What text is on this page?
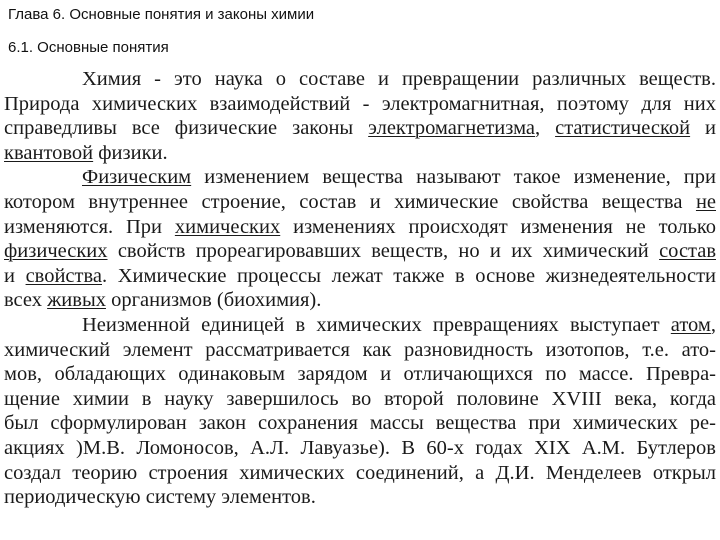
Глава 6. Основные понятия и законы химии
6.1. Основные понятия
Химия - это наука о составе и превращении различных веществ.
Природа химических взаимодействий - электромагнитная, поэтому для них
справедливы все физические законы электромагнетизма, статистической и
квантовой физики.
Физическим изменением вещества называют такое изменение, при
котором внутреннее строение, состав и химические свойства вещества не
изменяются. При химических изменениях происходят изменения не только
физических свойств прореагировавших веществ, но и их химический состав
и свойства. Химические процессы лежат также в основе жизнедеятельности
всех живых организмов (биохимия).
Неизменной единицей в химических превращениях выступает атом,
химический элемент рассматривается как разновидность изотопов, т.е. ато-
мов, обладающих одинаковым зарядом и отличающихся по массе. Превра-
щение химии в науку завершилось во второй половине XVIII века, когда
был сформулирован закон сохранения массы вещества при химических ре-
акциях )М.В. Ломоносов, А.Л. Лавуазье). В 60-х годах XIX А.М. Бутлеров
создал теорию строения химических соединений, а Д.И. Менделеев открыл
периодическую систему элементов.
